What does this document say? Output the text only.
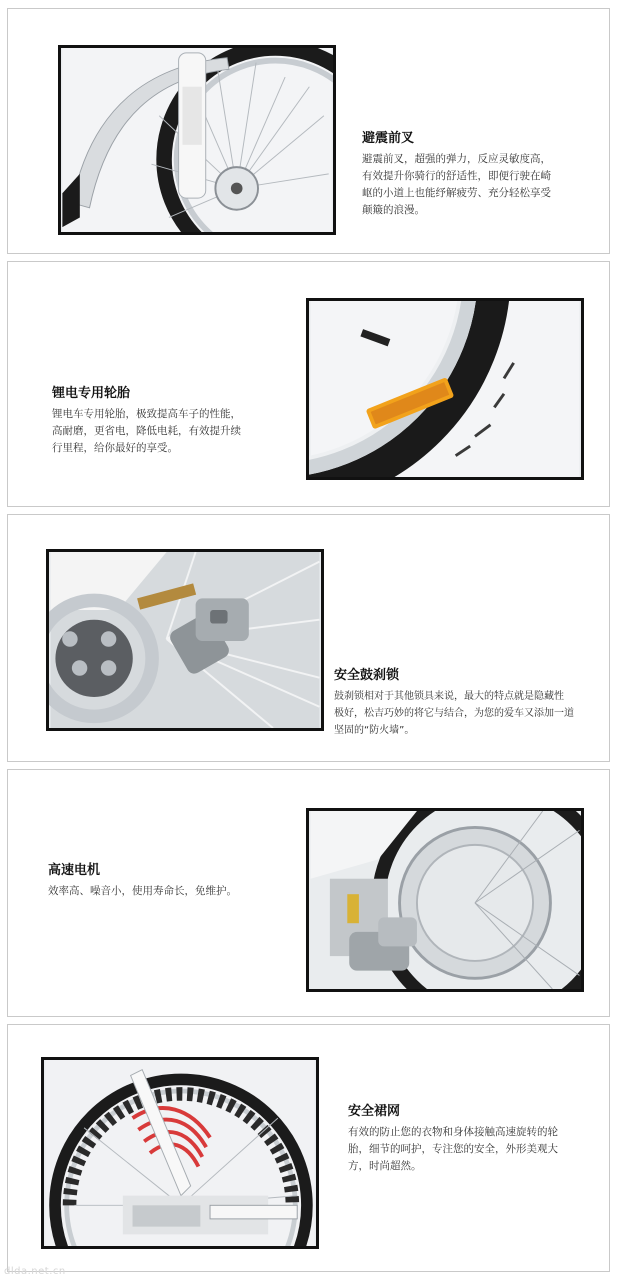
避震前叉
避震前叉，超强的弹力，反应灵敏度高，
有效提升你骑行的舒适性，即便行驶在崎
岖的小道上也能纾解疲劳、充分轻松享受
颠簸的浪漫。
锂电专用轮胎
锂电车专用轮胎，极致提高车子的性能，
高耐磨，更省电，降低电耗，有效提升续
行里程，给你最好的享受。
安全鼓刹锁
鼓刹锁相对于其他锁具来说，最大的特点就是隐藏性
极好，松吉巧妙的将它与结合，为您的爱车又添加一道
坚固的“防火墙”。
高速电机
效率高、噪音小，使用寿命长，免维护。
安全裙网
有效的防止您的衣物和身体接触高速旋转的轮
胎，细节的呵护，专注您的安全，外形美观大
方，时尚超然。
dlda.net.cn
